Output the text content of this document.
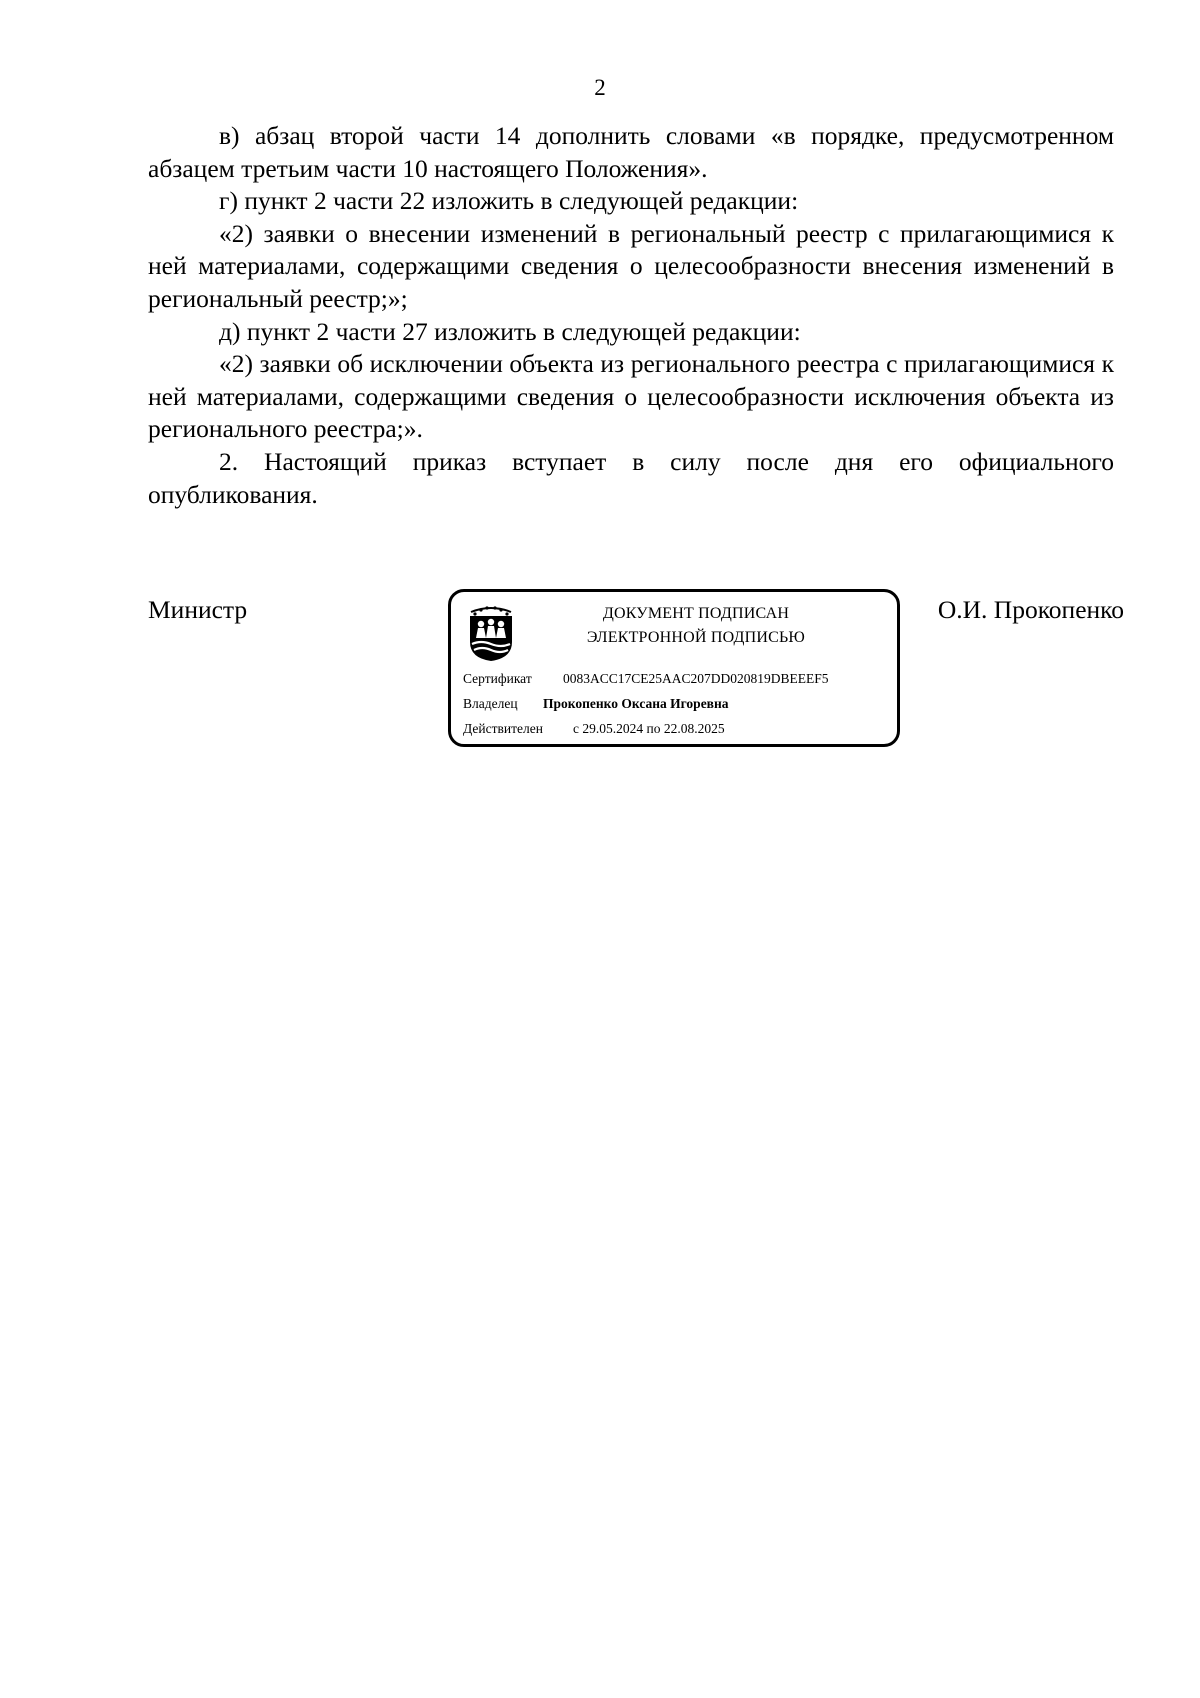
2

в) абзац второй части 14 дополнить словами «в порядке, предусмотренном абзацем третьим части 10 настоящего Положения».

г) пункт 2 части 22 изложить в следующей редакции:

«2) заявки о внесении изменений в региональный реестр с прилагающимися к ней материалами, содержащими сведения о целесообразности внесения изменений в региональный реестр;»;

д) пункт 2 части 27 изложить в следующей редакции:

«2) заявки об исключении объекта из регионального реестра с прилагающимися к ней материалами, содержащими сведения о целесообразности исключения объекта из регионального реестра;».

2. Настоящий приказ вступает в силу после дня его официального опубликования.

Министр	О.И. Прокопенко
ДОКУМЕНТ ПОДПИСАН
ЭЛЕКТРОННОЙ ПОДПИСЬЮ
Сертификат 0083ACC17CE25AAC207DD020819DBEEEF5
Владелец Прокопенко Оксана Игоревна
Действителен с 29.05.2024 по 22.08.2025
